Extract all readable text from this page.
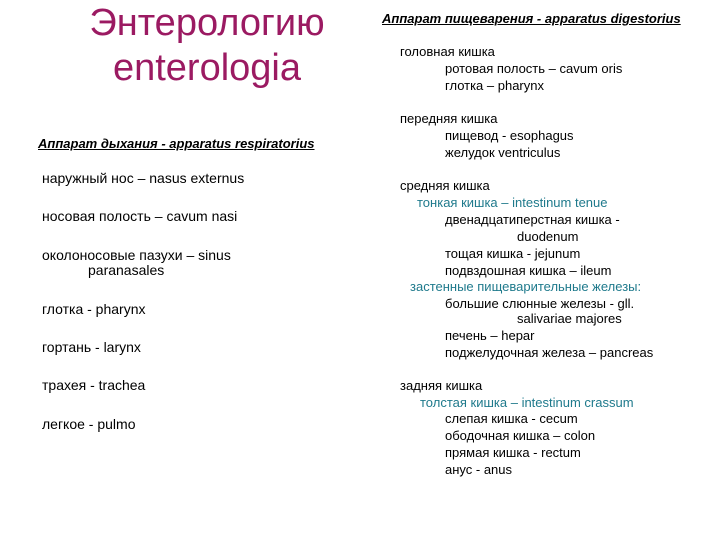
Энтерологию
enterologia
Аппарат дыхания - apparatus respiratorius
наружный нос – nasus externus
носовая полость – cavum nasi
околоносовые пазухи – sinus
paranasales
глотка - pharynx
гортань - larynx
трахея - trachea
легкое - pulmo
Аппарат пищеварения - apparatus digestorius
головная кишка
ротовая полость – cavum oris
глотка – pharynx
передняя кишка
пищевод - esophagus
желудок ventriculus
средняя кишка
тонкая кишка – intestinum tenue
двенадцатиперстная кишка -
duodenum
тощая кишка - jejunum
подвздошная кишка – ileum
застенные пищеварительные железы:
большие слюнные железы - gll.
salivariae majores
печень – hepar
поджелудочная железа – pancreas
задняя кишка
толстая кишка – intestinum crassum
слепая кишка - cecum
ободочная кишка – colon
прямая кишка - rectum
анус - anus
